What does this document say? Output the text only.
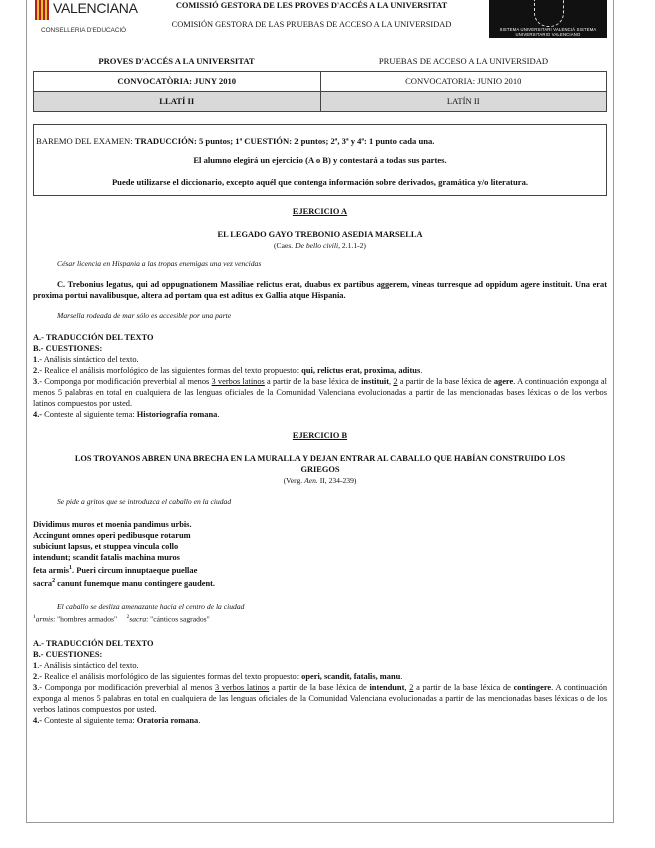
VALENCIANA
CONSELLERIA D'EDUCACIÓ
COMISSIÓ GESTORA DE LES PROVES D'ACCÉS A LA UNIVERSITAT
COMISIÓN GESTORA DE LAS PRUEBAS DE ACCESO A LA UNIVERSIDAD
SISTEMA UNIVERSITARI VALENCIÀ SISTEMA UNIVERSITARIO VALENCIANO
PROVES D'ACCÉS A LA UNIVERSITAT	PRUEBAS DE ACCESO A LA UNIVERSIDAD
CONVOCATÒRIA: JUNY 2010	CONVOCATORIA: JUNIO 2010
LLATÍ II	LATÍN II

BAREMO DEL EXAMEN: TRADUCCIÓN: 5 puntos; 1ª CUESTIÓN: 2 puntos; 2ª, 3ª y 4ª: 1 punto cada una.

El alumno elegirá un ejercicio (A o B) y contestará a todas sus partes.

Puede utilizarse el diccionario, excepto aquél que contenga información sobre derivados, gramática y/o literatura.

EJERCICIO A

EL LEGADO GAYO TREBONIO ASEDIA MARSELLA

(Caes. De bello civili, 2.1.1-2)

César licencia en Hispania a las tropas enemigas una vez vencidas

C. Trebonius legatus, qui ad oppugnationem Massiliae relictus erat, duabus ex partibus aggerem, vineas turresque ad oppidum agere instituit. Una erat proxima portui navalibusque, altera ad portam qua est aditus ex Gallia atque Hispania.

Marsella rodeada de mar sólo es accesible por una parte

A.- TRADUCCIÓN DEL TEXTO

B.- CUESTIONES:

1.- Análisis sintáctico del texto.

2.- Realice el análisis morfológico de las siguientes formas del texto propuesto: qui, relictus erat, proxima, aditus.

3.- Componga por modificación preverbial al menos 3 verbos latinos a partir de la base léxica de instituit, 2 a partir de la base léxica de agere. A continuación exponga al menos 5 palabras en total en cualquiera de las lenguas oficiales de la Comunidad Valenciana evolucionadas a partir de las mencionadas bases léxicas o de los verbos latinos compuestos por usted.

4.- Conteste al siguiente tema: Historiografía romana.

EJERCICIO B

LOS TROYANOS ABREN UNA BRECHA EN LA MURALLA Y DEJAN ENTRAR AL CABALLO QUE HABÍAN CONSTRUIDO LOS GRIEGOS

(Verg. Aen. II, 234-239)

Se pide a gritos que se introduzca el caballo en la ciudad

Dividimus muros et moenia pandimus urbis.

Accingunt omnes operi pedibusque rotarum

subiciunt lapsus, et stuppea vincula collo

intendunt; scandit fatalis machina muros

feta armis$^1$. Pueri circum innuptaeque puellae

sacra$^2$ canunt funemque manu contingere gaudent.

El caballo se desliza amenazante hacia el centro de la ciudad

$^1$armis: "hombres armados" $^2$sacra: "cánticos sagrados"

A.- TRADUCCIÓN DEL TEXTO

B.- CUESTIONES:

1.- Análisis sintáctico del texto.

2.- Realice el análisis morfológico de las siguientes formas del texto propuesto: operi, scandit, fatalis, manu.

3.- Componga por modificación preverbial al menos 3 verbos latinos a partir de la base léxica de intendunt, 2 a partir de la base léxica de contingere. A continuación exponga al menos 5 palabras en total en cualquiera de las lenguas oficiales de la Comunidad Valenciana evolucionadas a partir de las mencionadas bases léxicas o de los verbos latinos compuestos por usted.

4.- Conteste al siguiente tema: Oratoria romana.
